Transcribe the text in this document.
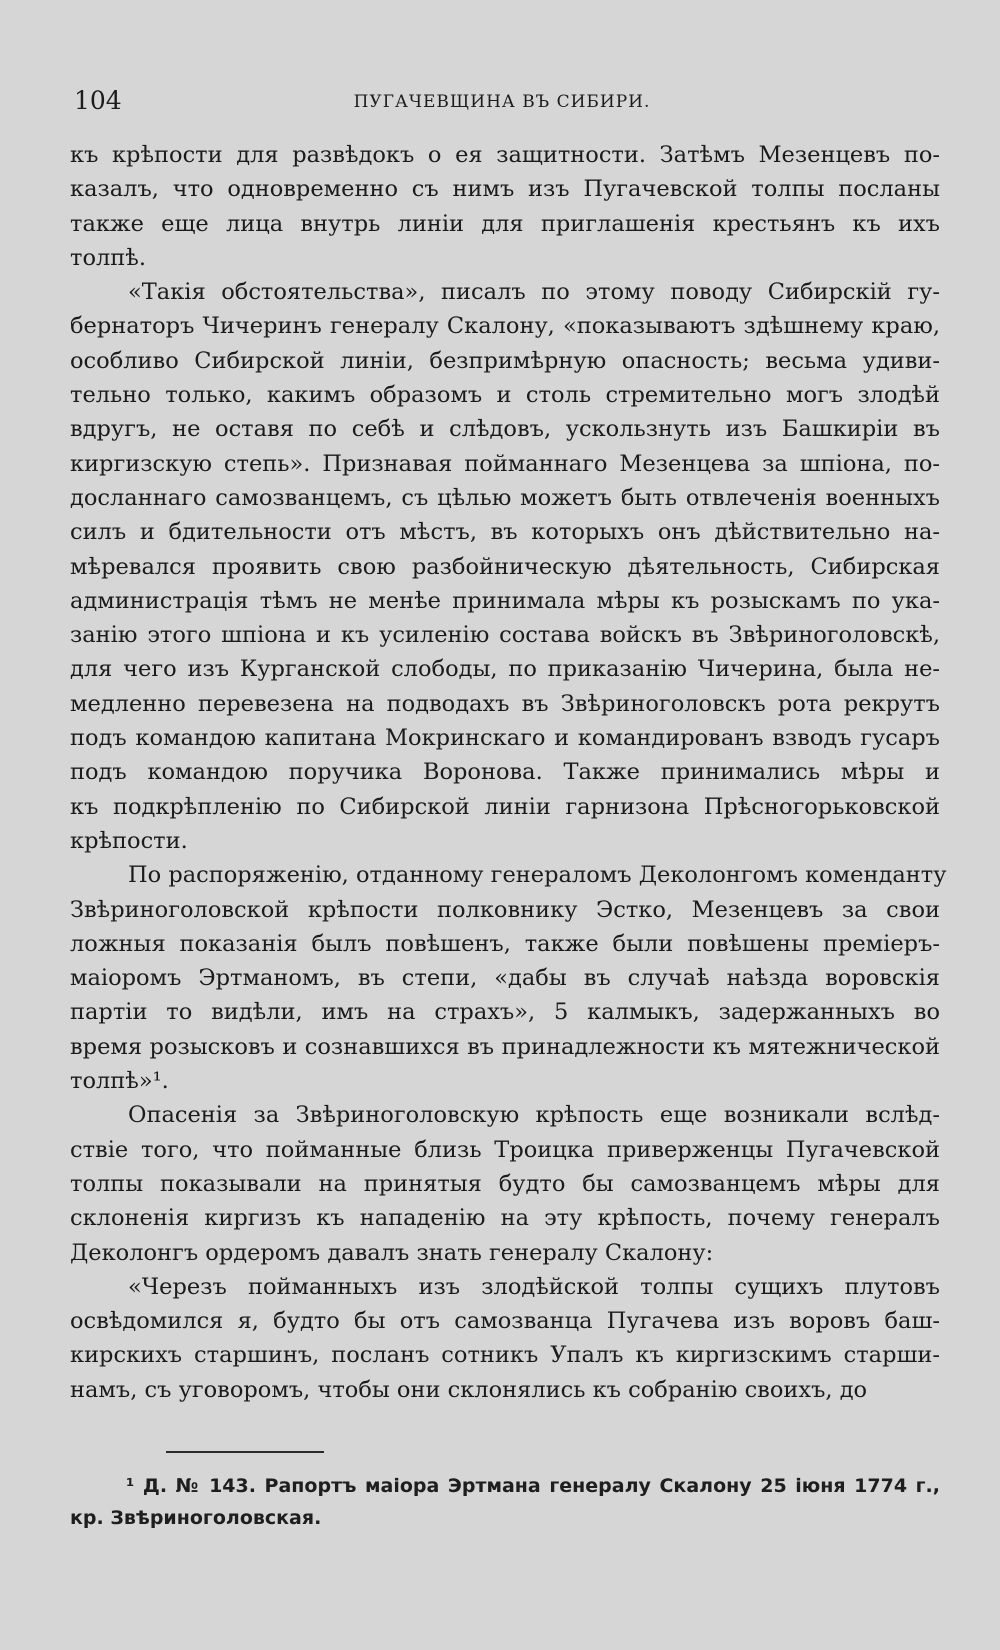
104	ПУГАЧЕВЩИНА ВЪ СИБИРИ.
къ крѣпости для развѣдокъ о ея защитности. Затѣмъ Мезенцевъ по-
казалъ, что одновременно съ нимъ изъ Пугачевской толпы посланы
также еще лица внутрь линіи для приглашенія крестьянъ къ ихъ
толпѣ.
«Такія обстоятельства», писалъ по этому поводу Сибирскій гу-
бернаторъ Чичеринъ генералу Скалону, «показываютъ здѣшнему краю,
особливо Сибирской линіи, безпримѣрную опасность; весьма удиви-
тельно только, какимъ образомъ и столь стремительно могъ злодѣй
вдругъ, не оставя по себѣ и слѣдовъ, ускользнуть изъ Башкиріи въ
киргизскую степь». Признавая пойманнаго Мезенцева за шпіона, по-
досланнаго самозванцемъ, съ цѣлью можетъ быть отвлеченія военныхъ
силъ и бдительности отъ мѣстъ, въ которыхъ онъ дѣйствительно на-
мѣревался проявить свою разбойническую дѣятельность, Сибирская
администрація тѣмъ не менѣе принимала мѣры къ розыскамъ по ука-
занію этого шпіона и къ усиленію состава войскъ въ Звѣриноголовскѣ,
для чего изъ Курганской слободы, по приказанію Чичерина, была не-
медленно перевезена на подводахъ въ Звѣриноголовскъ рота рекрутъ
подъ командою капитана Мокринскаго и командированъ взводъ гусаръ
подъ командою поручика Воронова. Также принимались мѣры и
къ подкрѣпленію по Сибирской линіи гарнизона Прѣсногорьковской
крѣпости.
По распоряженію, отданному генераломъ Деколонгомъ коменданту
Звѣриноголовской крѣпости полковнику Эстко, Мезенцевъ за свои
ложныя показанія былъ повѣшенъ, также были повѣшены преміеръ-
маіоромъ Эртманомъ, въ степи, «дабы въ случаѣ наѣзда воровскія
партіи то видѣли, имъ на страхъ», 5 калмыкъ, задержанныхъ во
время розысковъ и сознавшихся въ принадлежности къ мятежнической
толпѣ»¹.
Опасенія за Звѣриноголовскую крѣпость еще возникали вслѣд-
ствіе того, что пойманные близь Троицка приверженцы Пугачевской
толпы показывали на принятыя будто бы самозванцемъ мѣры для
склоненія киргизъ къ нападенію на эту крѣпость, почему генералъ
Деколонгъ ордеромъ давалъ знать генералу Скалону:
«Черезъ пойманныхъ изъ злодѣйской толпы сущихъ плутовъ
освѣдомился я, будто бы отъ самозванца Пугачева изъ воровъ баш-
кирскихъ старшинъ, посланъ сотникъ Упалъ къ киргизскимъ старши-
намъ, съ уговоромъ, чтобы они склонялись къ собранію своихъ, до
¹ Д. № 143. Рапортъ маіора Эртмана генералу Скалону 25 іюня 1774 г.,
кр. Звѣриноголовская.
